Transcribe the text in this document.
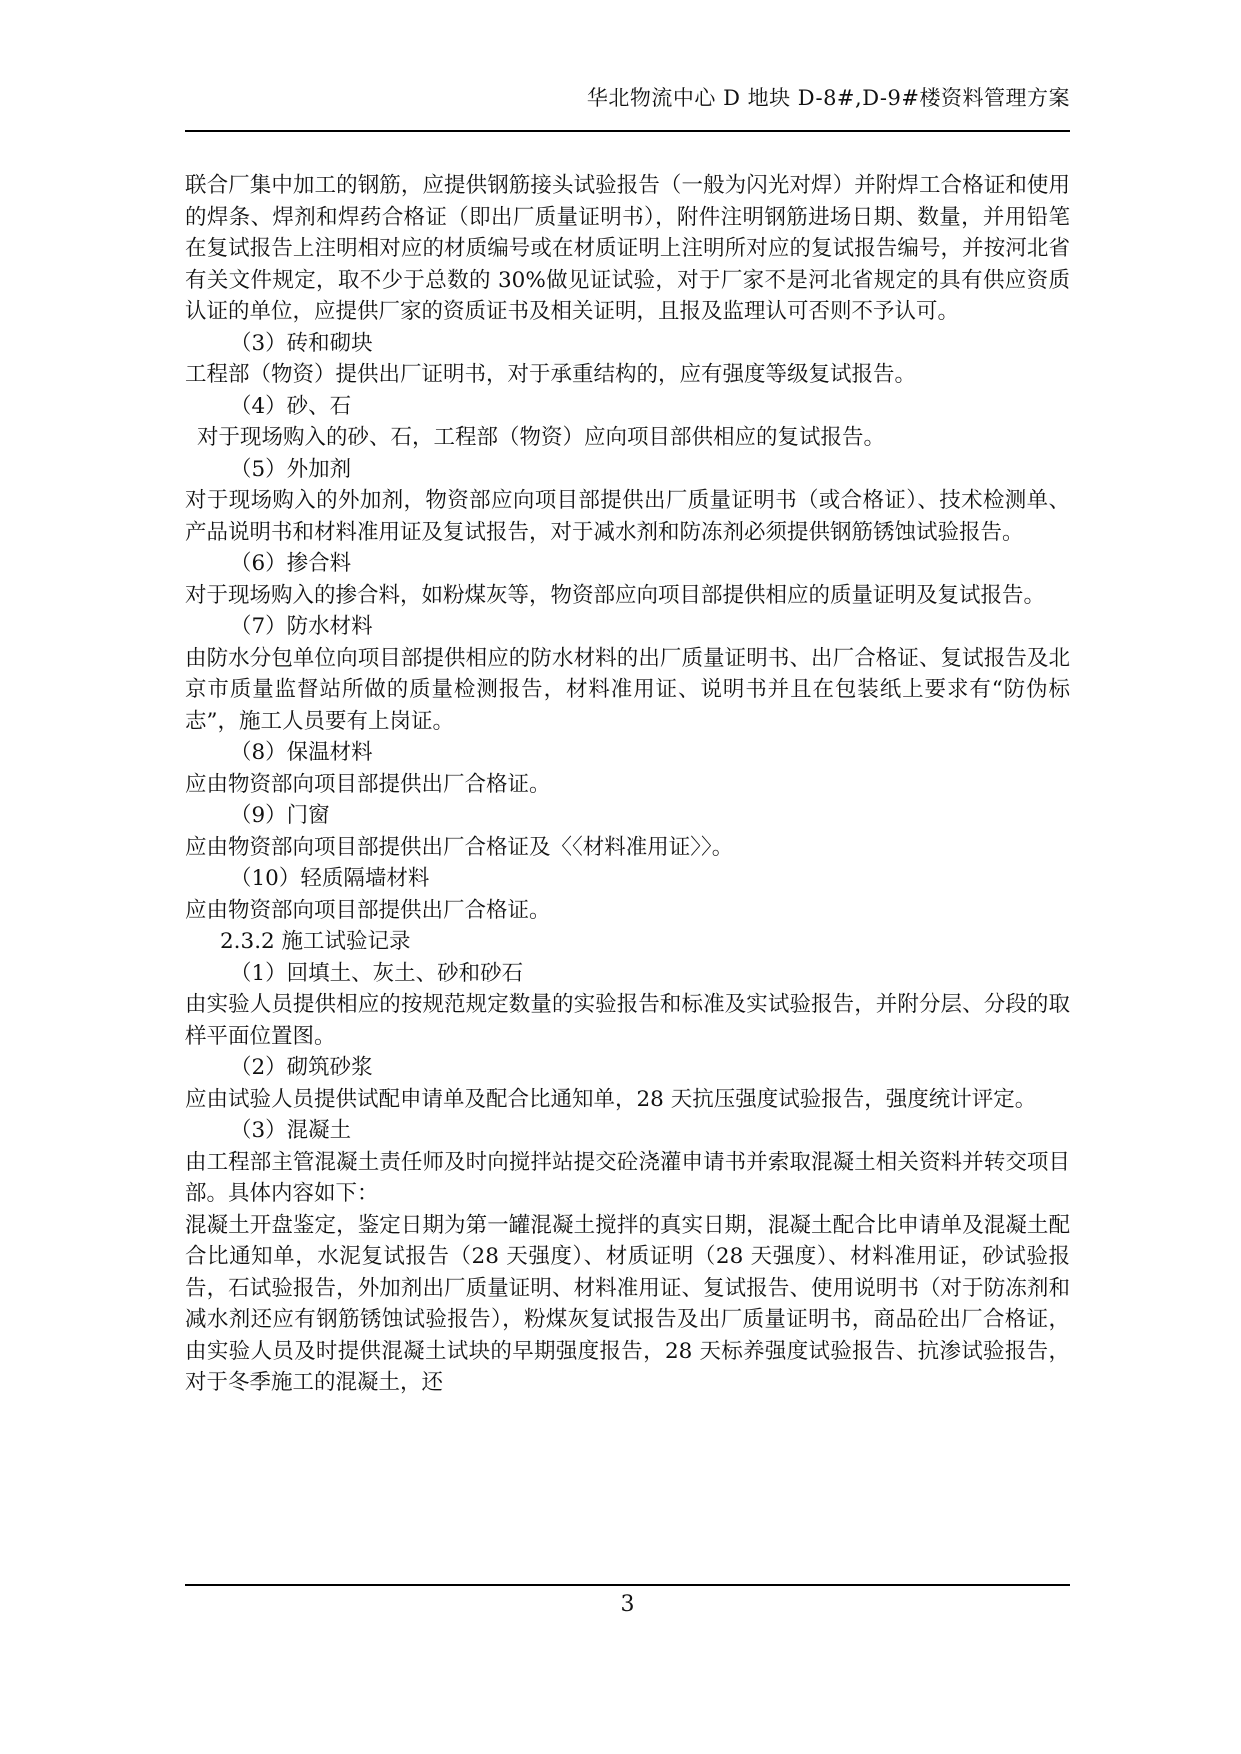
华北物流中心 D 地块 D-8#,D-9#楼资料管理方案

联合厂集中加工的钢筋，应提供钢筋接头试验报告（一般为闪光对焊）并附焊工合格证和使用的焊条、焊剂和焊药合格证（即出厂质量证明书），附件注明钢筋进场日期、数量，并用铅笔在复试报告上注明相对应的材质编号或在材质证明上注明所对应的复试报告编号，并按河北省有关文件规定，取不少于总数的 30%做见证试验，对于厂家不是河北省规定的具有供应资质认证的单位，应提供厂家的资质证书及相关证明，且报及监理认可否则不予认可。

（3）砖和砌块

工程部（物资）提供出厂证明书，对于承重结构的，应有强度等级复试报告。

（4）砂、石

对于现场购入的砂、石，工程部（物资）应向项目部供相应的复试报告。

（5）外加剂

对于现场购入的外加剂，物资部应向项目部提供出厂质量证明书（或合格证）、技术检测单、产品说明书和材料准用证及复试报告，对于减水剂和防冻剂必须提供钢筋锈蚀试验报告。

（6）掺合料

对于现场购入的掺合料，如粉煤灰等，物资部应向项目部提供相应的质量证明及复试报告。

（7）防水材料

由防水分包单位向项目部提供相应的防水材料的出厂质量证明书、出厂合格证、复试报告及北京市质量监督站所做的质量检测报告，材料准用证、说明书并且在包装纸上要求有“防伪标志”，施工人员要有上岗证。

（8）保温材料

应由物资部向项目部提供出厂合格证。

（9）门窗

应由物资部向项目部提供出厂合格证及〈〈材料准用证〉〉。

（10）轻质隔墙材料

应由物资部向项目部提供出厂合格证。

2.3.2 施工试验记录

（1）回填土、灰土、砂和砂石

由实验人员提供相应的按规范规定数量的实验报告和标准及实试验报告，并附分层、分段的取样平面位置图。

（2）砌筑砂浆

应由试验人员提供试配申请单及配合比通知单，28 天抗压强度试验报告，强度统计评定。

（3）混凝土

由工程部主管混凝土责任师及时向搅拌站提交砼浇灌申请书并索取混凝土相关资料并转交项目部。具体内容如下：

混凝土开盘鉴定，鉴定日期为第一罐混凝土搅拌的真实日期，混凝土配合比申请单及混凝土配合比通知单，水泥复试报告（28 天强度）、材质证明（28 天强度）、材料准用证，砂试验报告，石试验报告，外加剂出厂质量证明、材料准用证、复试报告、使用说明书（对于防冻剂和减水剂还应有钢筋锈蚀试验报告），粉煤灰复试报告及出厂质量证明书，商品砼出厂合格证，由实验人员及时提供混凝土试块的早期强度报告，28 天标养强度试验报告、抗渗试验报告，对于冬季施工的混凝土，还

3
